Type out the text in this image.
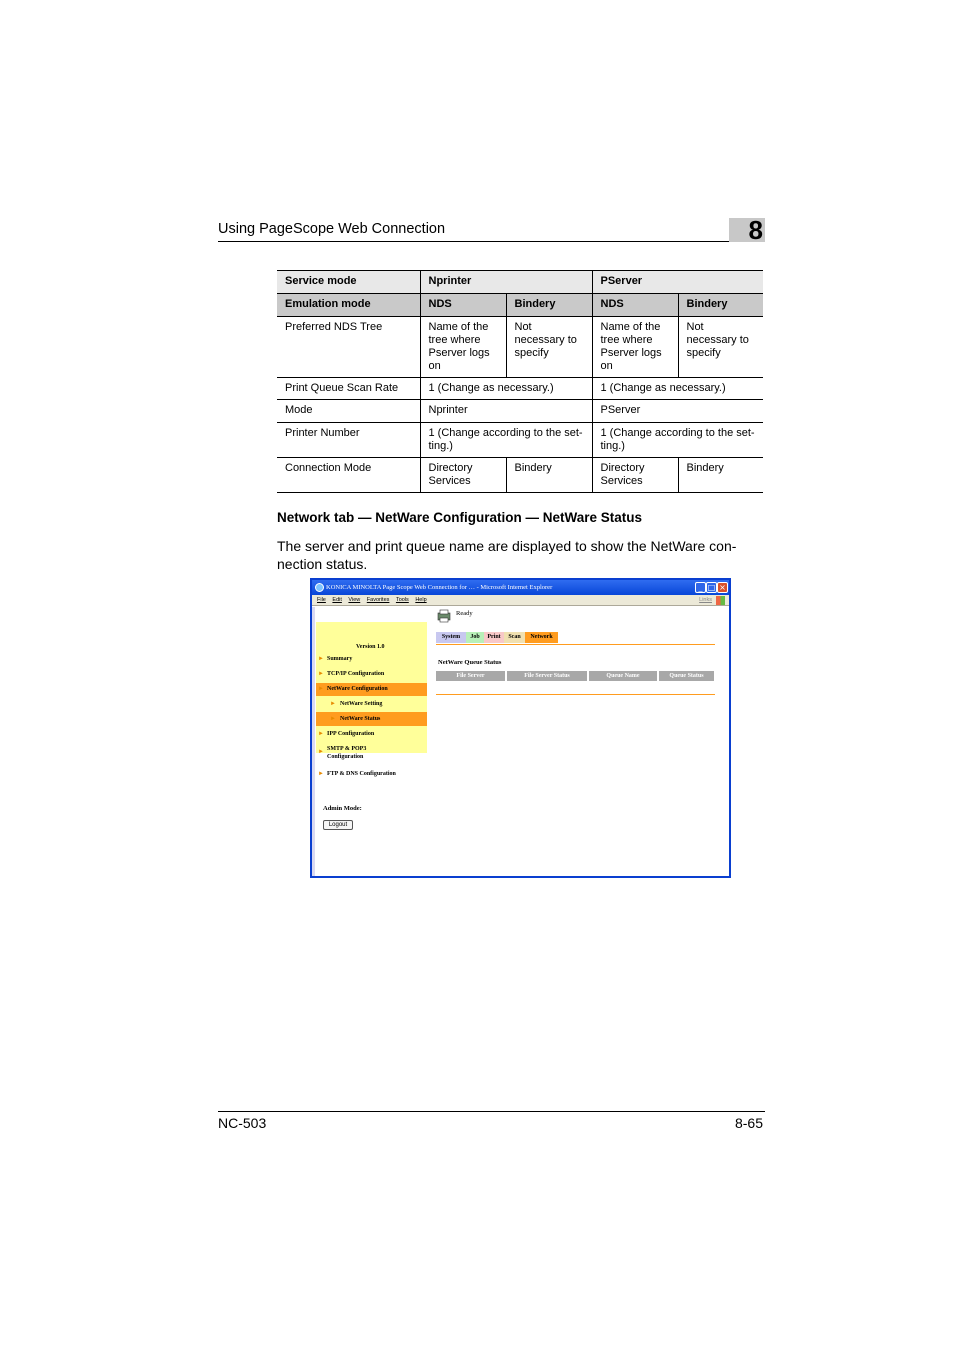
Using PageScope Web Connection	8
Service mode	Nprinter		PServer	
Emulation mode	NDS	Bindery	NDS	Bindery
Preferred NDS Tree	Name of the tree where Pserver logs on	Not necessary to specify	Name of the tree where Pserver logs on	Not necessary to specify
Print Queue Scan Rate	1 (Change as necessary.)		1 (Change as necessary.)	
Mode	Nprinter		PServer	
Printer Number	1 (Change according to the set-ting.)		1 (Change according to the set-ting.)	
Connection Mode	Directory Services	Bindery	Directory Services	Bindery
Network tab — NetWare Configuration — NetWare Status
The server and print queue name are displayed to show the NetWare con-nection status.
KONICA MINOLTA Page Scope Web Connection for … - Microsoft Internet Explorer	_ □ ×
File Edit View Favorites Tools Help	Links
Ready
Version 1.0
► Summary
► TCP/IP Configuration
► NetWare Configuration
► NetWare Setting
► NetWare Status
► IPP Configuration
► SMTP & POP3 Configuration
► FTP & DNS Configuration
Admin Mode:
Logout
System	Job	Print	Scan	Network
NetWare Queue Status
File Server	File Server Status	Queue Name	Queue Status
NC-503	8-65
